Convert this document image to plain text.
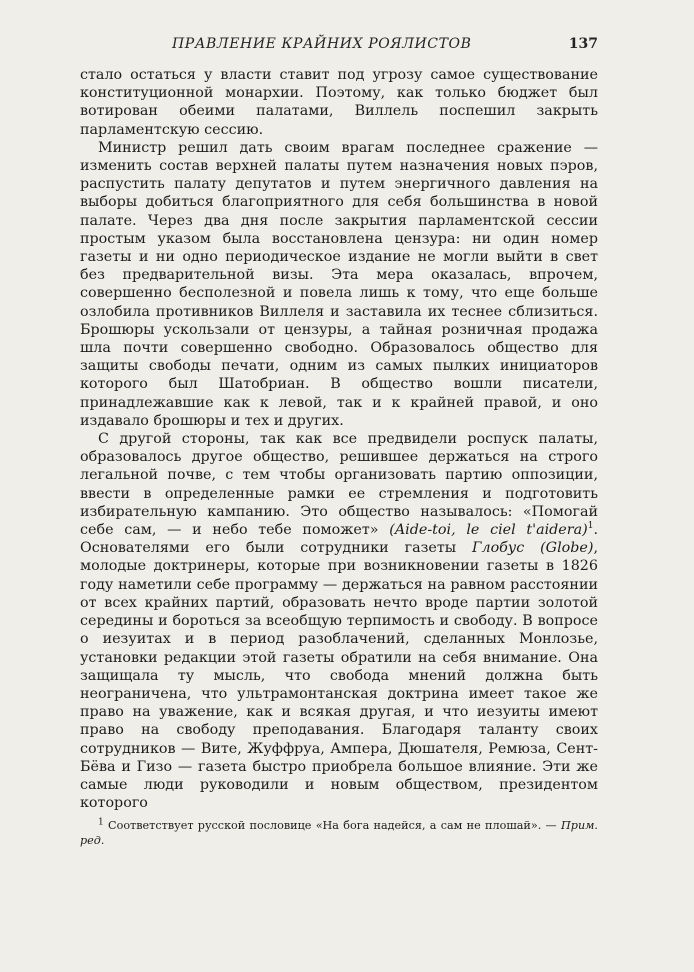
ПРАВЛЕНИЕ КРАЙНИХ РОЯЛИСТОВ	137

стало остаться у власти ставит под угрозу самое существование конституционной монархии. Поэтому, как только бюджет был вотирован обеими палатами, Виллель поспешил закрыть парламентскую сессию.

Министр решил дать своим врагам последнее сражение — изменить состав верхней палаты путем назначения новых пэров, распустить палату депутатов и путем энергичного давления на выборы добиться благоприятного для себя большинства в новой палате. Через два дня после закрытия парламентской сессии простым указом была восстановлена цензура: ни один номер газеты и ни одно периодическое издание не могли выйти в свет без предварительной визы. Эта мера оказалась, впрочем, совершенно бесполезной и повела лишь к тому, что еще больше озлобила противников Виллеля и заставила их теснее сблизиться. Брошюры ускользали от цензуры, а тайная розничная продажа шла почти совершенно свободно. Образовалось общество для защиты свободы печати, одним из самых пылких инициаторов которого был Шатобриан. В общество вошли писатели, принадлежавшие как к левой, так и к крайней правой, и оно издавало брошюры и тех и других.

С другой стороны, так как все предвидели роспуск палаты, образовалось другое общество, решившее держаться на строго легальной почве, с тем чтобы организовать партию оппозиции, ввести в определенные рамки ее стремления и подготовить избирательную кампанию. Это общество называлось: «Помогай себе сам, — и небо тебе поможет» (Aide-toi, le ciel t'aidera)$^1$. Основателями его были сотрудники газеты Глобус (Globe), молодые доктринеры, которые при возникновении газеты в 1826 году наметили себе программу — держаться на равном расстоянии от всех крайних партий, образовать нечто вроде партии золотой середины и бороться за всеобщую терпимость и свободу. В вопросе о иезуитах и в период разоблачений, сделанных Монлозье, установки редакции этой газеты обратили на себя внимание. Она защищала ту мысль, что свобода мнений должна быть неограничена, что ультрамонтанская доктрина имеет такое же право на уважение, как и всякая другая, и что иезуиты имеют право на свободу преподавания. Благодаря таланту своих сотрудников — Вите, Жуффруа, Ампера, Дюшателя, Ремюза, Сент-Бёва и Гизо — газета быстро приобрела большое влияние. Эти же самые люди руководили и новым обществом, президентом которого

$^1$ Соответствует русской пословице «На бога надейся, а сам не плошай». — Прим. ред.
